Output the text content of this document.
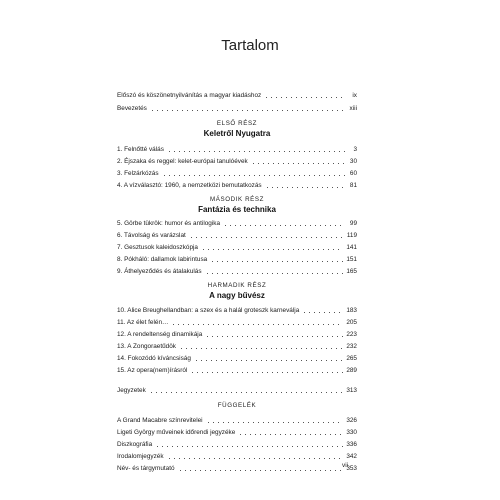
Tartalom
Előszó és köszönetnyilvánítás a magyar kiadáshoz	ix
Bevezetés	xiii
ELSŐ RÉSZ
Keletről Nyugatra
1. Felnőtté válás	3
2. Éjszaka és reggel: kelet-európai tanulóévek	30
3. Felzárkózás	60
4. A vízválasztó: 1960, a nemzetközi bemutatkozás	81
MÁSODIK RÉSZ
Fantázia és technika
5. Görbe tükrök: humor és antilogika	99
6. Távolság és varázslat	119
7. Gesztusok kaleidoszkópja	141
8. Pókháló: dallamok labirintusa	151
9. Áthelyeződés és átalakulás	165
HARMADIK RÉSZ
A nagy bűvész
10. Alice Breughellandban: a szex és a halál groteszk karneválja	183
11. Az élet felén…	205
12. A rendeltenség dinamikája	223
13. A Zongoraetűdök	232
14. Fokozódó kíváncsiság	265
15. Az opera(nem)írásról	289
Jegyzetek	313
FÜGGELÉK
A Grand Macabre színrevitelei	326
Ligeti György műveinek időrendi jegyzéke	330
Diszkográfia	336
Irodalomjegyzék	342
Név- és tárgymutató	353
vii
